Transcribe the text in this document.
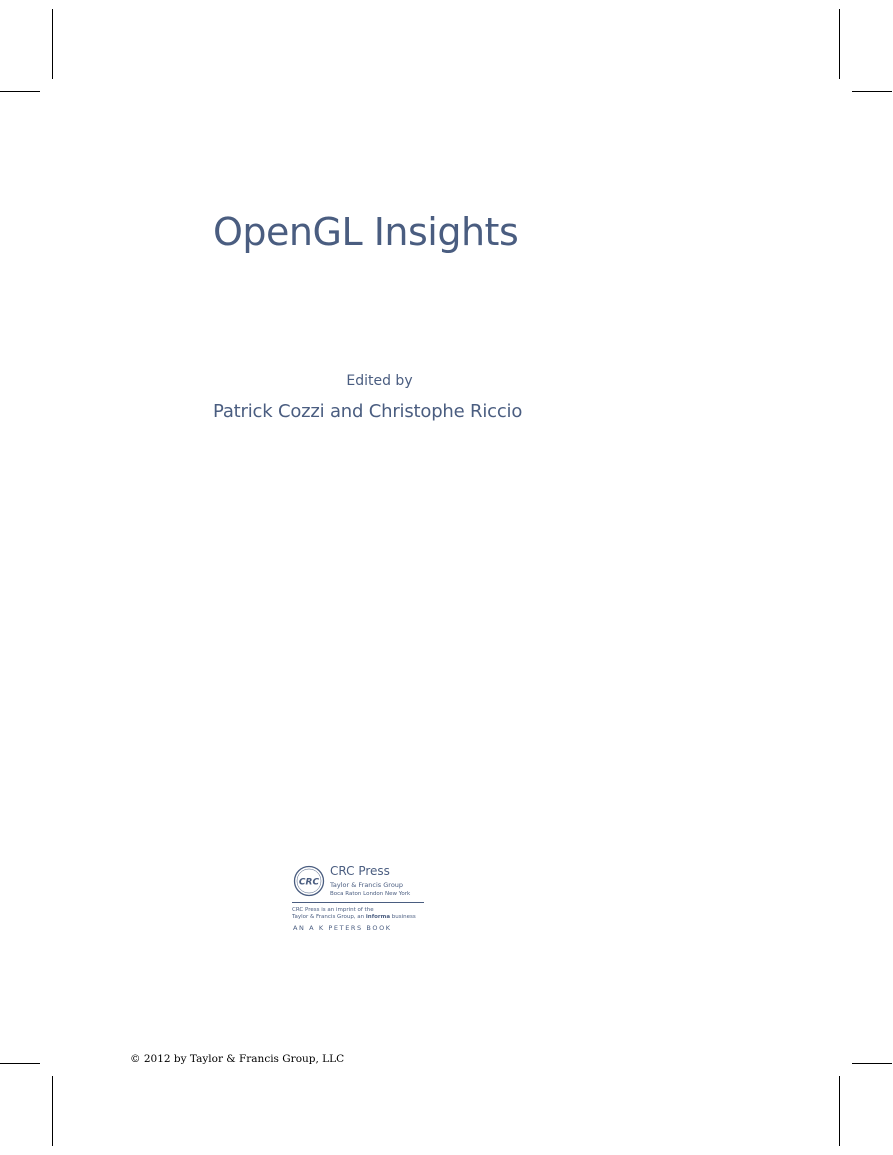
OpenGL Insights
Edited by
Patrick Cozzi and Christophe Riccio
CRC
CRC Press
Taylor & Francis Group
Boca Raton London New York
CRC Press is an imprint of the
Taylor & Francis Group, an informa business
AN A K PETERS BOOK
© 2012 by Taylor & Francis Group, LLC
